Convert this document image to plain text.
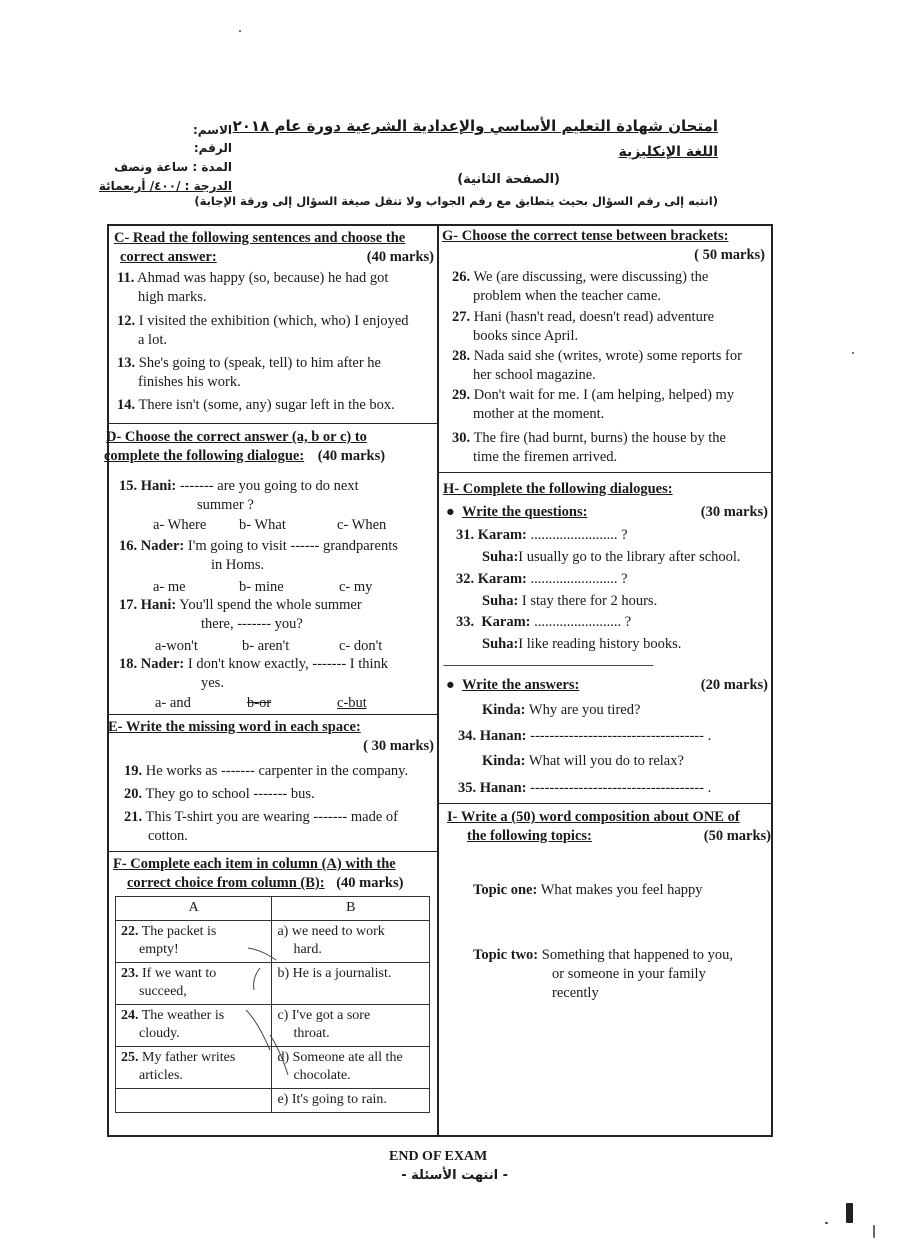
امتحان شهادة التعليم الأساسي والإعدادية الشرعية دورة عام ٢٠١٨
اللغة الإنكليزية
(الصفحة الثانية)
(انتبه إلى رقم السؤال بحيث يتطابق مع رقم الجواب ولا تنقل صيغة السؤال إلى ورقة الإجابة)
الاسم:
الرقم:
المدة : ساعة ونصف
الدرجة : /٤٠٠/ أربعمائة
C- Read the following sentences and choose the
correct answer:	(40 marks)
11. Ahmad was happy (so, because) he had got
high marks.
12. I visited the exhibition (which, who) I enjoyed
a lot.
13. She's going to (speak, tell) to him after he
finishes his work.
14. There isn't (some, any) sugar left in the box.
D- Choose the correct answer (a, b or c) to
complete the following dialogue: (40 marks)
15. Hani: ------- are you going to do next
summer ?
a- Where b- What	c- When
16. Nader: I'm going to visit ------ grandparents
in Homs.
a- me	b- mine	c- my
17. Hani: You'll spend the whole summer
there, ------- you?
a-won't	b- aren't	c- don't
18. Nader: I don't know exactly, ------- I think
yes.
a- and	b-or	c-but
E- Write the missing word in each space:
( 30 marks)
19. He works as ------- carpenter in the company.
20. They go to school ------- bus.
21. This T-shirt you are wearing ------- made of
cotton.
F- Complete each item in column (A) with the
correct choice from column (B): (40 marks)
A	B
22. The packet is
empty!	a) we need to work
hard.

23. If we want to
succeed,	b) He is a journalist.
24. The weather is
cloudy.	c) I've got a sore
throat.

25. My father writes
articles.	d) Someone ate all the
chocolate.

	e) It's going to rain.
G- Choose the correct tense between brackets:
( 50 marks)
26. We (are discussing, were discussing) the
problem when the teacher came.
27. Hani (hasn't read, doesn't read) adventure
books since April.
28. Nada said she (writes, wrote) some reports for
her school magazine.
29. Don't wait for me. I (am helping, helped) my
mother at the moment.
30. The fire (had burnt, burns) the house by the
time the firemen arrived.
H- Complete the following dialogues:
● Write the questions:	(30 marks)
31. Karam: ........................ ?
Suha:I usually go to the library after school.
32. Karam: ........................ ?
Suha: I stay there for 2 hours.
33. Karam: ........................ ?
Suha:I like reading history books.
------------------------------------------------------------------------------------------
● Write the answers:	(20 marks)
Kinda: Why are you tired?
34. Hanan: ------------------------------------ .
Kinda: What will you do to relax?
35. Hanan: ------------------------------------ .
I- Write a (50) word composition about ONE of
the following topics:	(50 marks)
Topic one: What makes you feel happy
Topic two: Something that happened to you,
or someone in your family
recently
END OF EXAM
- انتهت الأسئلة -
